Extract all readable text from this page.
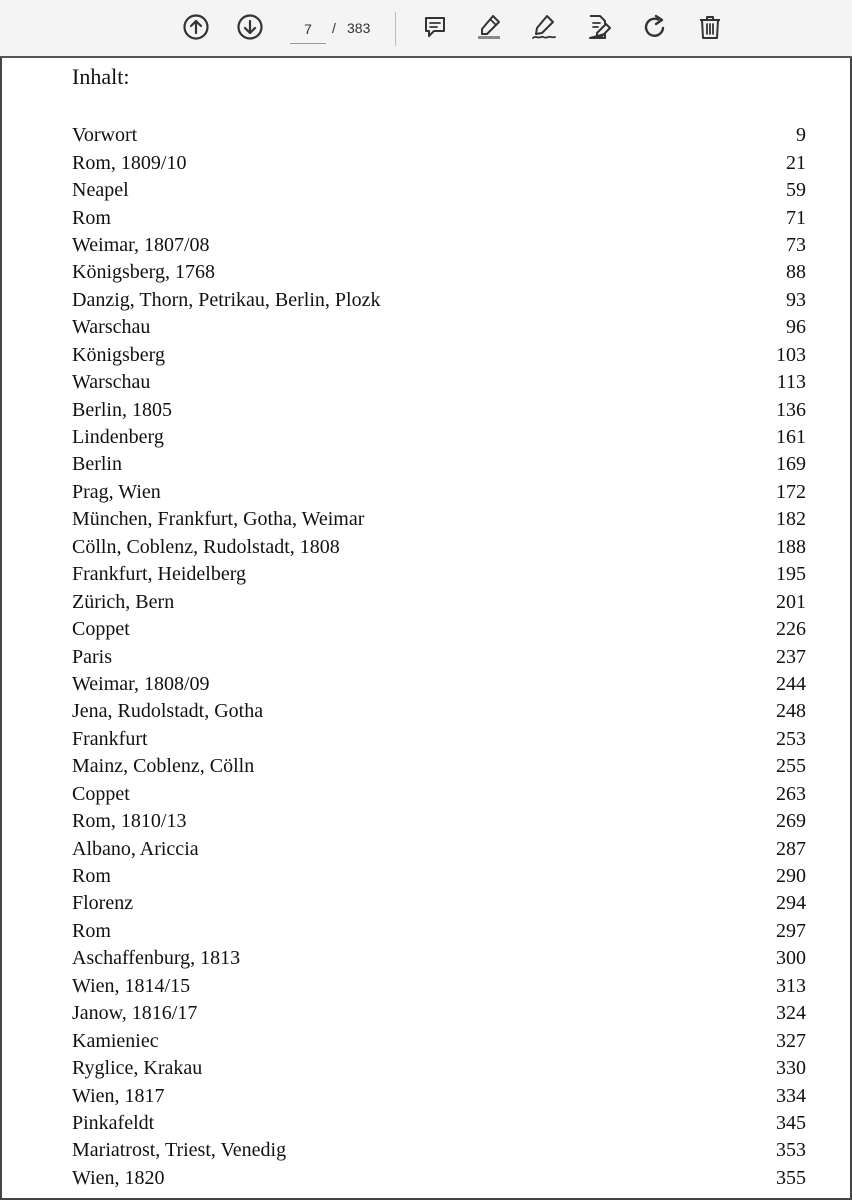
7
/ 383
Inhalt:
Vorwort	9
Rom, 1809/10	21
Neapel	59
Rom	71
Weimar, 1807/08	73
Königsberg, 1768	88
Danzig, Thorn, Petrikau, Berlin, Plozk	93
Warschau	96
Königsberg	103
Warschau	113
Berlin, 1805	136
Lindenberg	161
Berlin	169
Prag, Wien	172
München, Frankfurt, Gotha, Weimar	182
Cölln, Coblenz, Rudolstadt, 1808	188
Frankfurt, Heidelberg	195
Zürich, Bern	201
Coppet	226
Paris	237
Weimar, 1808/09	244
Jena, Rudolstadt, Gotha	248
Frankfurt	253
Mainz, Coblenz, Cölln	255
Coppet	263
Rom, 1810/13	269
Albano, Ariccia	287
Rom	290
Florenz	294
Rom	297
Aschaffenburg, 1813	300
Wien, 1814/15	313
Janow, 1816/17	324
Kamieniec	327
Ryglice, Krakau	330
Wien, 1817	334
Pinkafeldt	345
Mariatrost, Triest, Venedig	353
Wien, 1820	355
